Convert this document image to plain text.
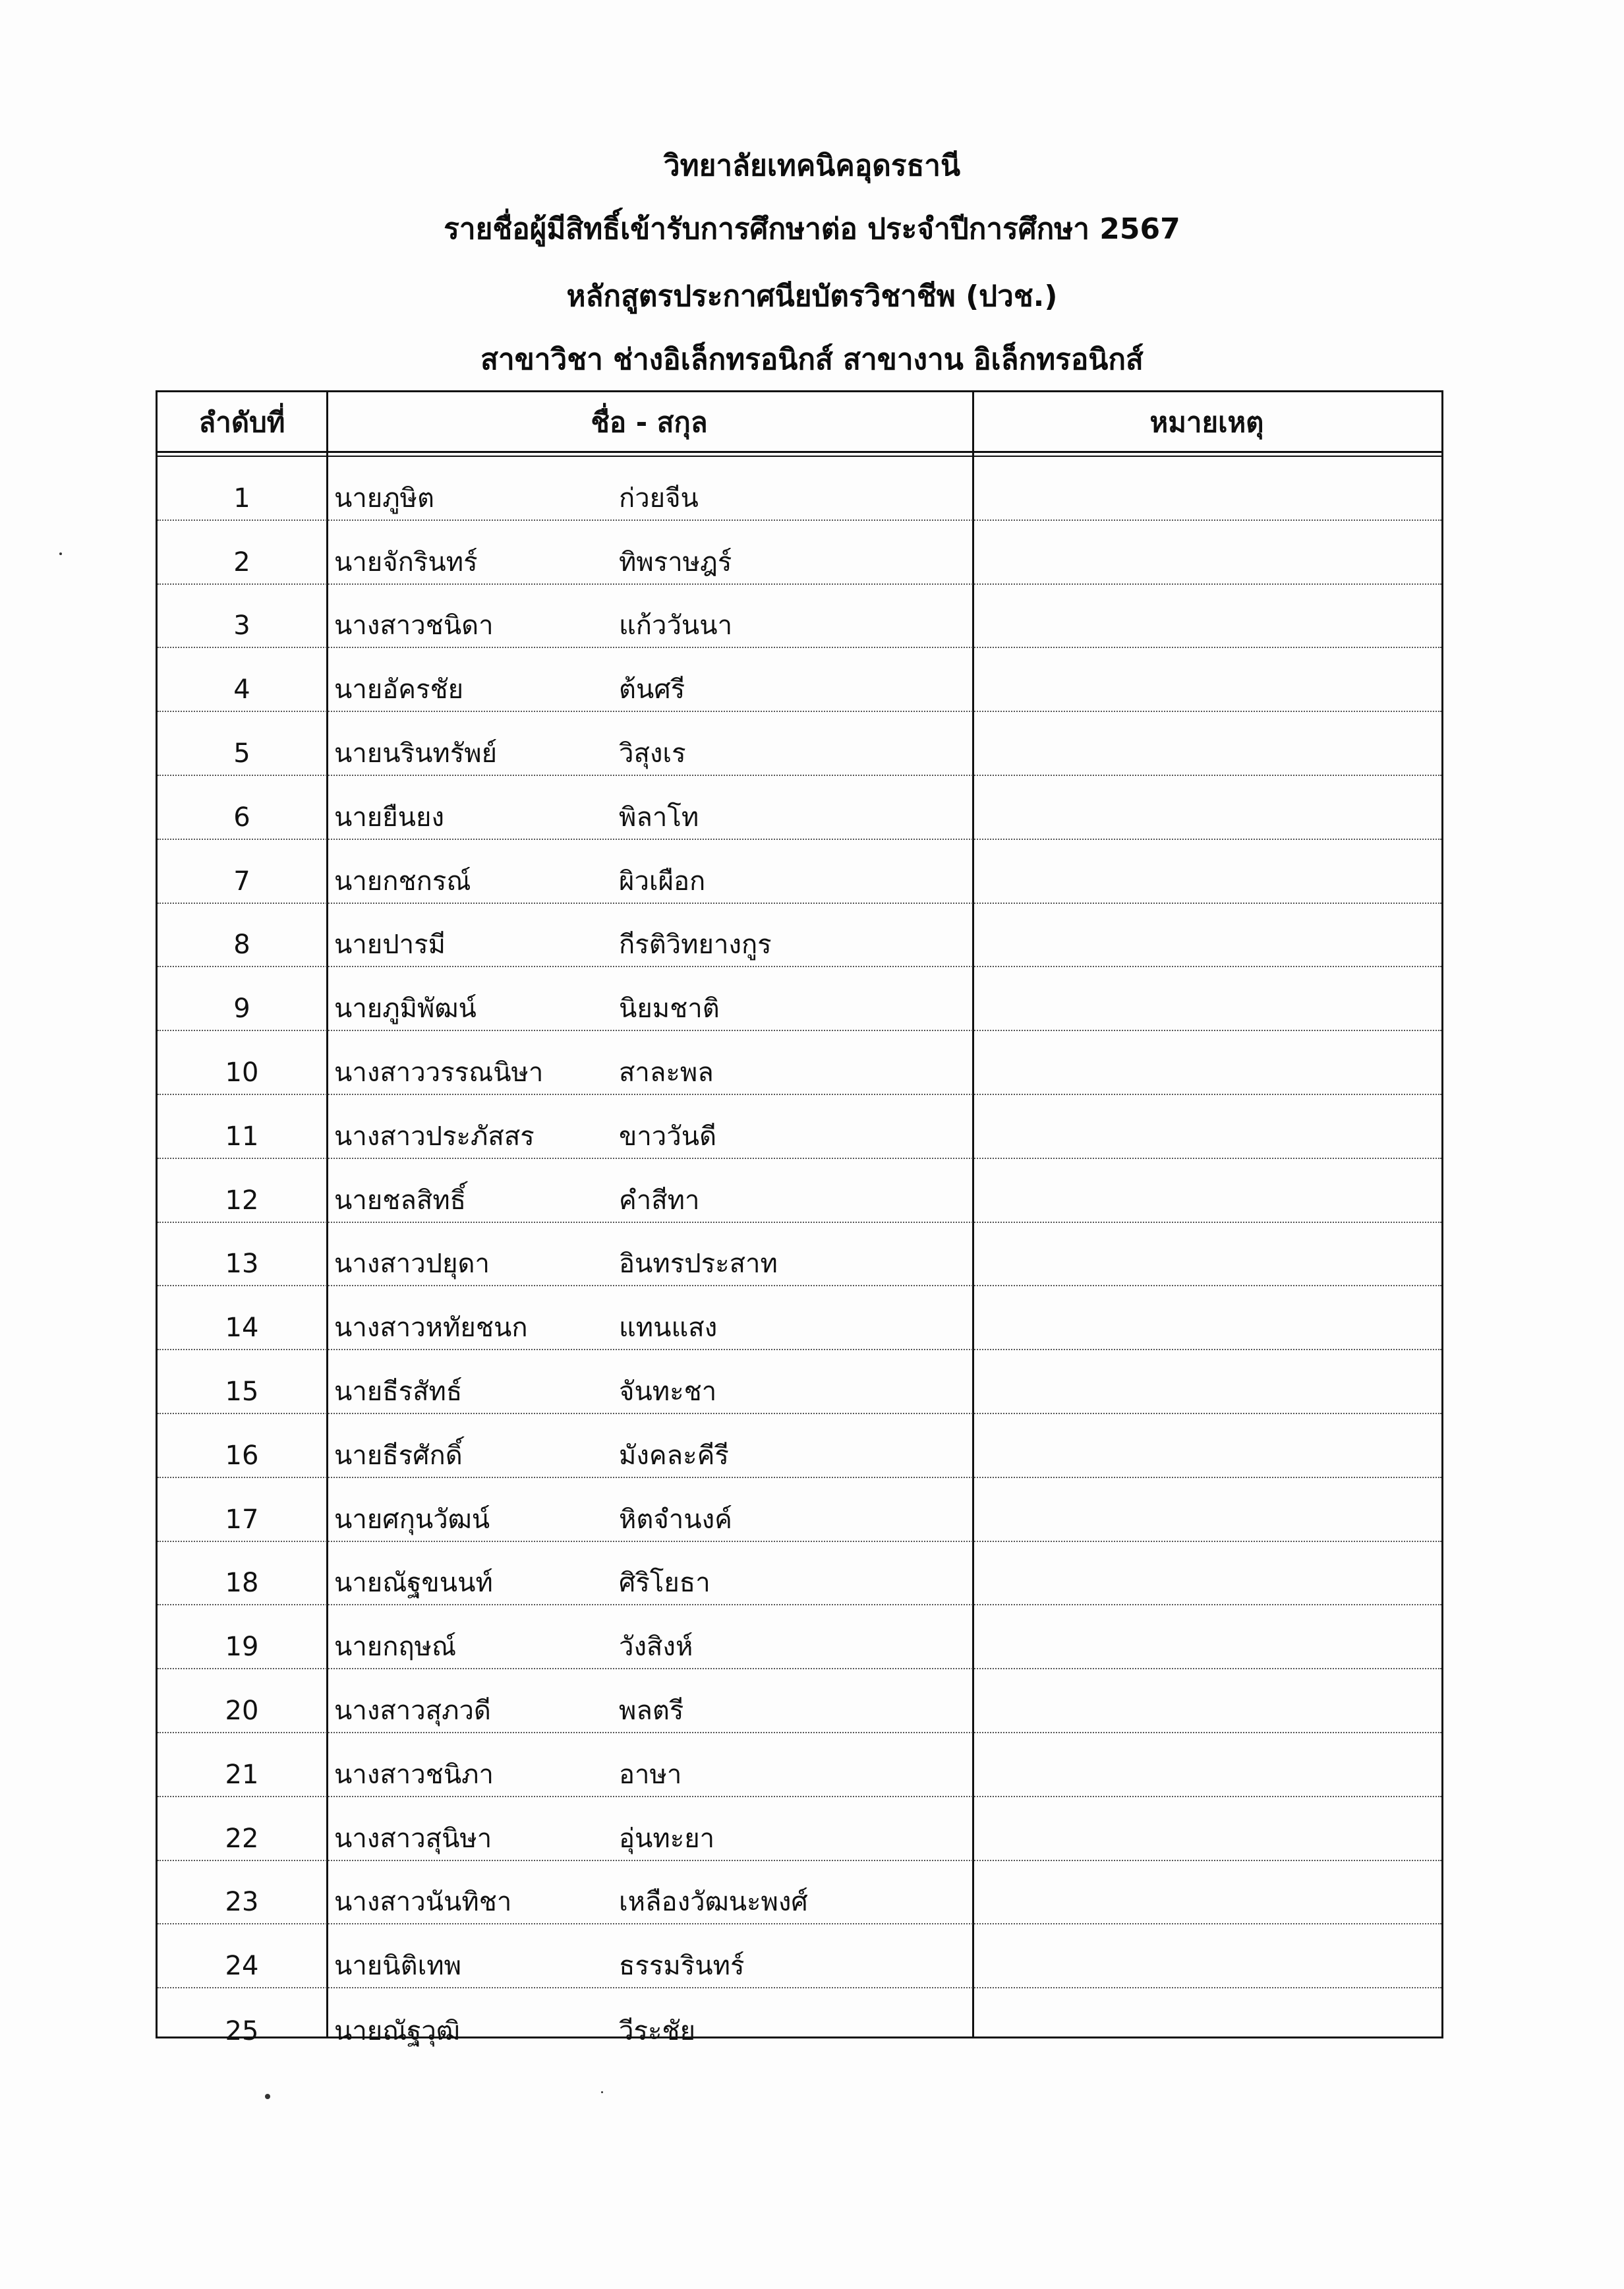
วิทยาลัยเทคนิคอุดรธานี
รายชื่อผู้มีสิทธิ์เข้ารับการศึกษาต่อ ประจำปีการศึกษา 2567
หลักสูตรประกาศนียบัตรวิชาชีพ (ปวช.)
สาขาวิชา ช่างอิเล็กทรอนิกส์ สาขางาน อิเล็กทรอนิกส์
ลำดับที่	ชื่อ - สกุล	หมายเหตุ
1	นายภูษิต	ก่วยจีน
2	นายจักรินทร์	ทิพราษฎร์
3	นางสาวชนิดา	แก้ววันนา
4	นายอัครชัย	ต้นศรี
5	นายนรินทรัพย์	วิสุงเร
6	นายยืนยง	พิลาโท
7	นายกชกรณ์	ผิวเผือก
8	นายปารมี	กีรติวิทยางกูร
9	นายภูมิพัฒน์	นิยมชาติ
10	นางสาววรรณนิษา	สาละพล
11	นางสาวประภัสสร	ขาววันดี
12	นายชลสิทธิ์	คำสีทา
13	นางสาวปยุดา	อินทรประสาท
14	นางสาวหทัยชนก	แทนแสง
15	นายธีรสัทธ์	จันทะชา
16	นายธีรศักดิ์	มังคละคีรี
17	นายศกุนวัฒน์	หิตจำนงค์
18	นายณัฐขนนท์	ศิริโยธา
19	นายกฤษณ์	วังสิงห์
20	นางสาวสุภวดี	พลตรี
21	นางสาวชนิภา	อาษา
22	นางสาวสุนิษา	อุ่นทะยา
23	นางสาวนันทิชา	เหลืองวัฒนะพงศ์
24	นายนิติเทพ	ธรรมรินทร์
25	นายณัฐวุฒิ	วีระชัย
